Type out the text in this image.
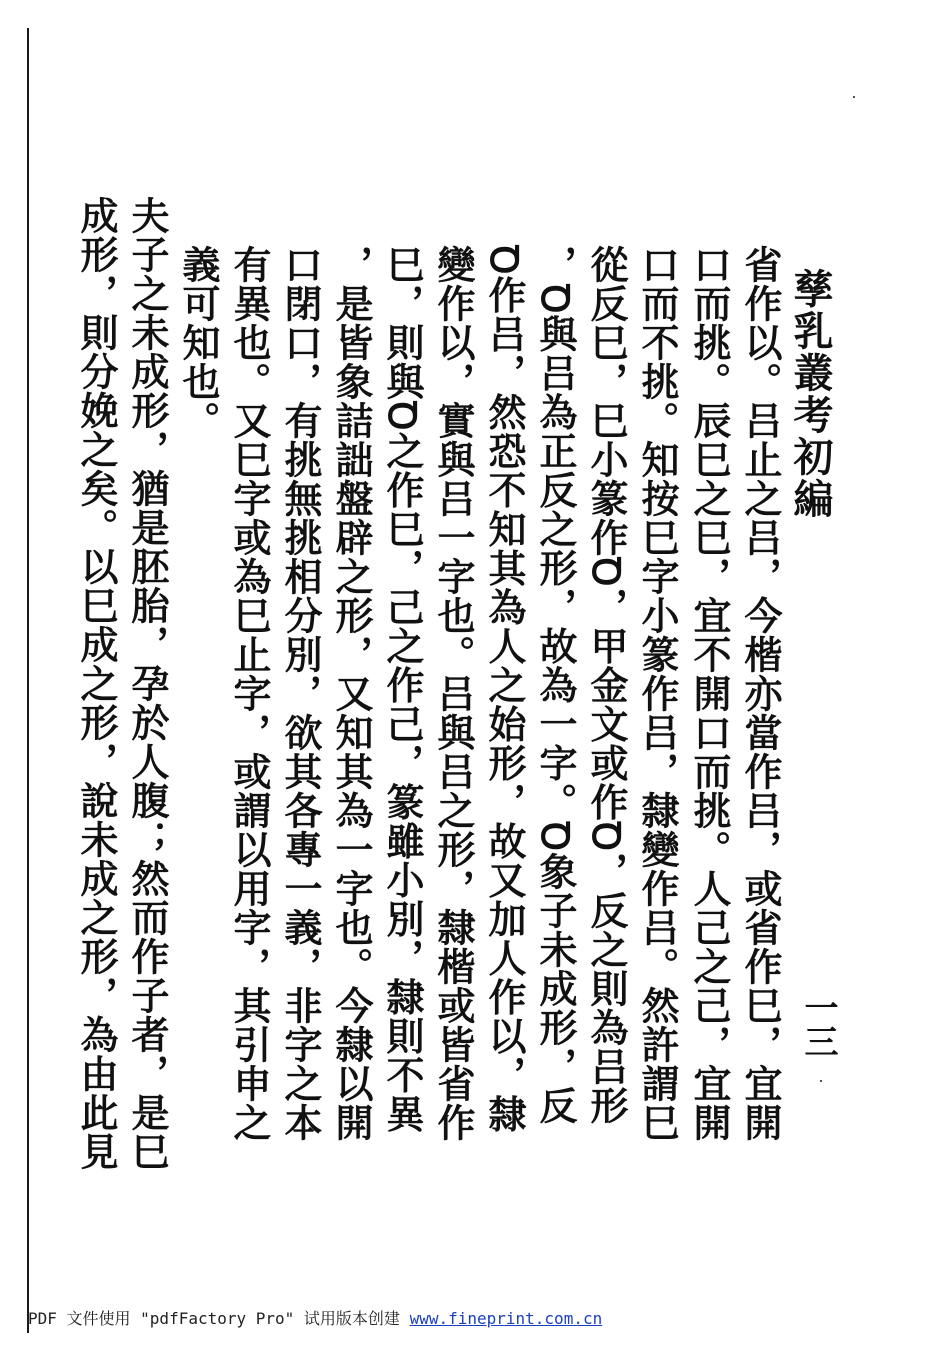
孳乳叢考初編
一三
省作以。吕止之吕，今楷亦當作吕，或省作巳，宜開
口而挑。辰巳之巳，宜不開口而挑。人己之己，宜開
口而不挑。知按巳字小篆作吕，隸變作吕。然許謂巳
從反巳，巳小篆作Ꝺ，甲金文或作Ꝺ，反之則為吕形
，Ꝺ與吕為正反之形，故為一字。Ꝺ象子未成形，反
Ꝺ作吕，然恐不知其為人之始形，故又加人作以，隸
變作以，實與吕一字也。吕與吕之形，隸楷或皆省作
巳，則與Ꝺ之作巳，己之作己，篆雖小別，隸則不異
，是皆象詰詘盤辟之形，又知其為一字也。今隸以開
口閉口，有挑無挑相分別，欲其各專一義，非字之本
有異也。又巳字或為巳止字，或謂以用字，其引申之
義可知也。
夫子之未成形，猶是胚胎，孕於人腹；然而作子者，是巳
成形，則分娩之矣。以巳成之形，說未成之形，為由此見
PDF 文件使用 "pdfFactory Pro" 试用版本创建 www.fineprint.com.cn
